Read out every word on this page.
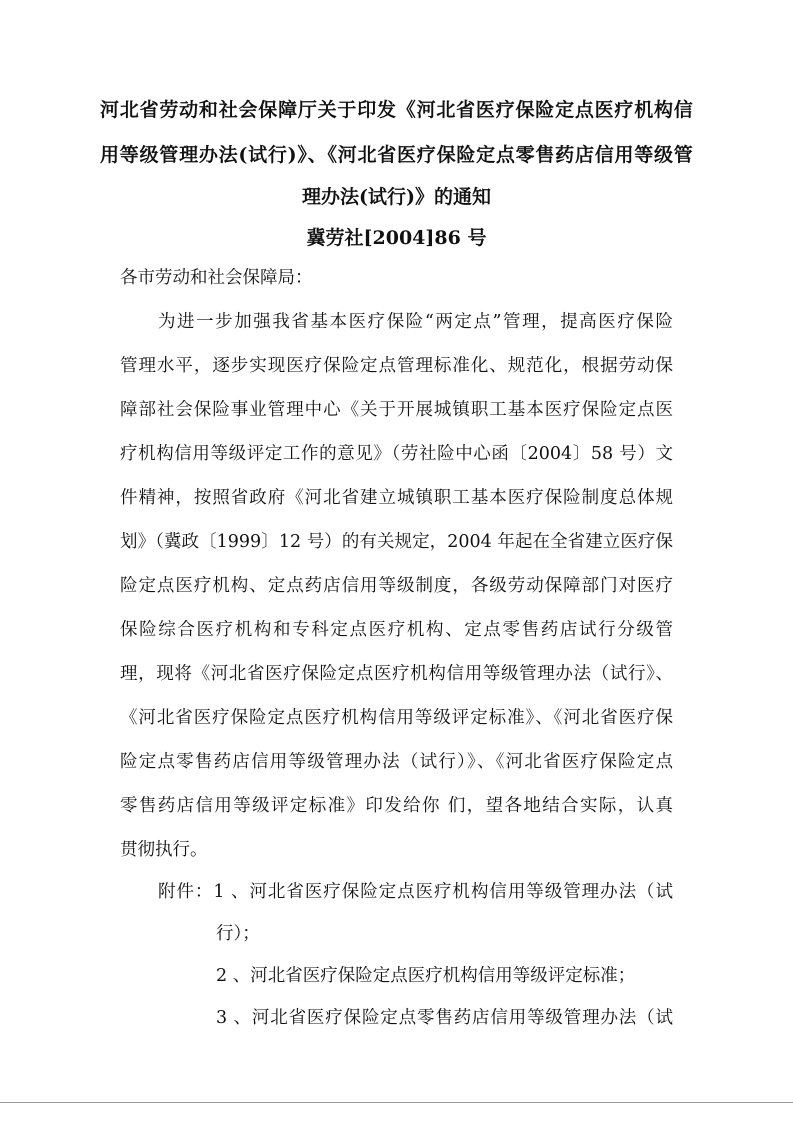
河北省劳动和社会保障厅关于印发《河北省医疗保险定点医疗机构信
用等级管理办法(试行)》、《河北省医疗保险定点零售药店信用等级管
理办法(试行)》的通知
冀劳社[2004]86 号
各市劳动和社会保障局：
为进一步加强我省基本医疗保险“两定点”管理，提高医疗保险
管理水平，逐步实现医疗保险定点管理标准化、规范化，根据劳动保
障部社会保险事业管理中心《关于开展城镇职工基本医疗保险定点医
疗机构信用等级评定工作的意见》（劳社险中心函〔2004〕58 号）文
件精神，按照省政府《河北省建立城镇职工基本医疗保险制度总体规
划》（冀政〔1999〕12 号）的有关规定，2004 年起在全省建立医疗保
险定点医疗机构、定点药店信用等级制度，各级劳动保障部门对医疗
保险综合医疗机构和专科定点医疗机构、定点零售药店试行分级管
理，现将《河北省医疗保险定点医疗机构信用等级管理办法（试行》、
《河北省医疗保险定点医疗机构信用等级评定标准》、《河北省医疗保
险定点零售药店信用等级管理办法（试行）》、《河北省医疗保险定点
零售药店信用等级评定标准》印发给你 们，望各地结合实际，认真
贯彻执行。
附件：1 、河北省医疗保险定点医疗机构信用等级管理办法（试
行）；
2 、河北省医疗保险定点医疗机构信用等级评定标准；
3 、河北省医疗保险定点零售药店信用等级管理办法（试
